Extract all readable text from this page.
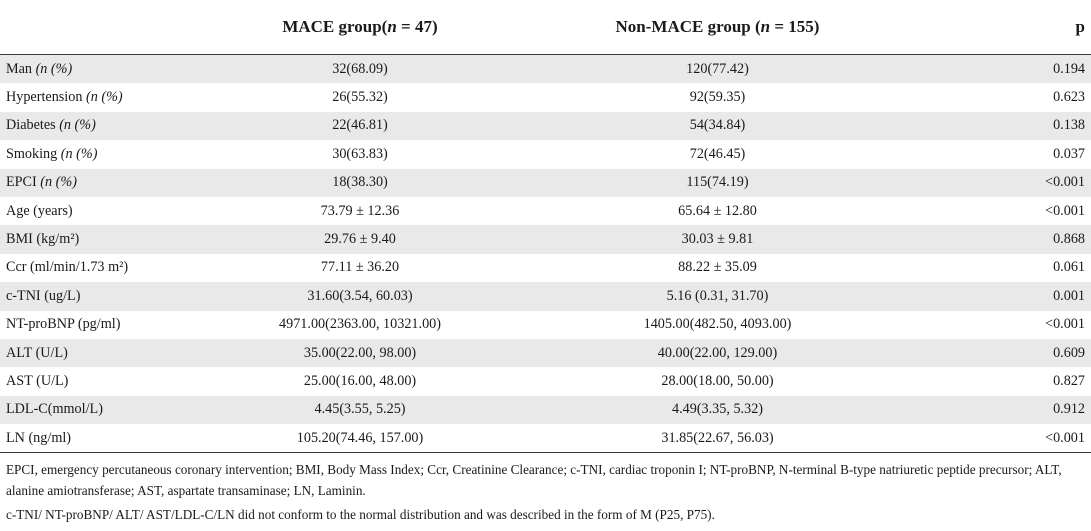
	MACE group(n = 47)	Non-MACE group (n = 155)	p
Man (n (%)	32(68.09)	120(77.42)	0.194
Hypertension (n (%)	26(55.32)	92(59.35)	0.623
Diabetes (n (%)	22(46.81)	54(34.84)	0.138
Smoking (n (%)	30(63.83)	72(46.45)	0.037
EPCI (n (%)	18(38.30)	115(74.19)	<0.001
Age (years)	73.79 ± 12.36	65.64 ± 12.80	<0.001
BMI (kg/m²)	29.76 ± 9.40	30.03 ± 9.81	0.868
Ccr (ml/min/1.73 m²)	77.11 ± 36.20	88.22 ± 35.09	0.061
c-TNI (ug/L)	31.60(3.54, 60.03)	5.16 (0.31, 31.70)	0.001
NT-proBNP (pg/ml)	4971.00(2363.00, 10321.00)	1405.00(482.50, 4093.00)	<0.001
ALT (U/L)	35.00(22.00, 98.00)	40.00(22.00, 129.00)	0.609
AST (U/L)	25.00(16.00, 48.00)	28.00(18.00, 50.00)	0.827
LDL-C(mmol/L)	4.45(3.55, 5.25)	4.49(3.35, 5.32)	0.912
LN (ng/ml)	105.20(74.46, 157.00)	31.85(22.67, 56.03)	<0.001

EPCI, emergency percutaneous coronary intervention; BMI, Body Mass Index; Ccr, Creatinine Clearance; c-TNI, cardiac troponin I; NT-proBNP, N-terminal B-type natriuretic peptide precursor; ALT, alanine amiotransferase; AST, aspartate transaminase; LN, Laminin.

c-TNI/ NT-proBNP/ ALT/ AST/LDL-C/LN did not conform to the normal distribution and was described in the form of M (P25, P75).
